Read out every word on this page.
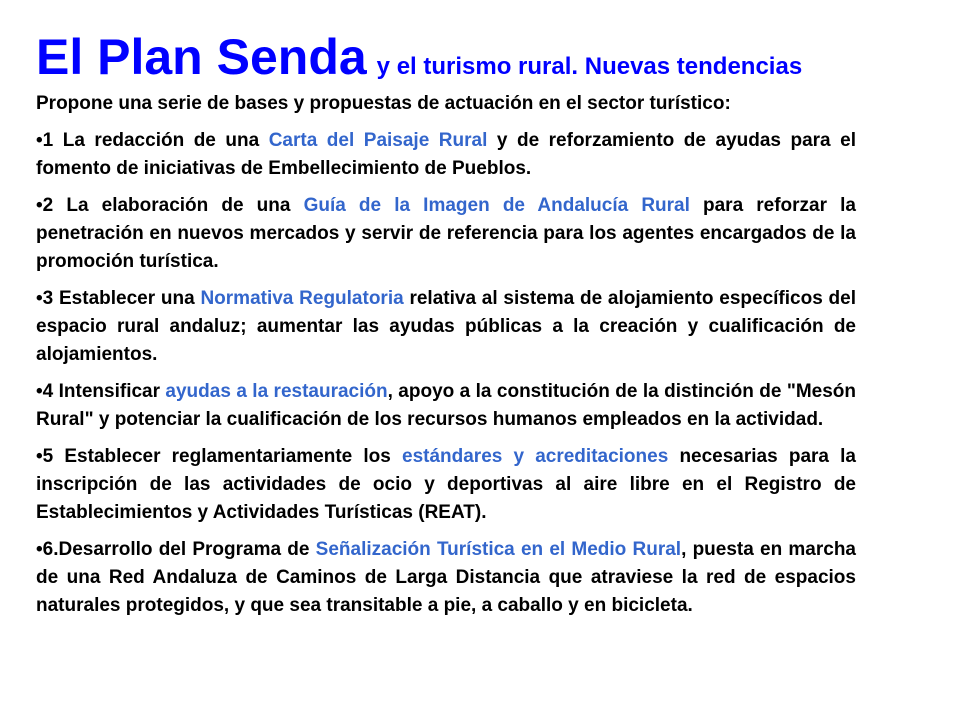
El Plan Senda y el turismo rural. Nuevas tendencias

Propone una serie de bases y propuestas de actuación en el sector turístico:

•1 La redacción de una Carta del Paisaje Rural y de reforzamiento de ayudas para el fomento de iniciativas de Embellecimiento de Pueblos.

•2 La elaboración de una Guía de la Imagen de Andalucía Rural para reforzar la penetración en nuevos mercados y servir de referencia para los agentes encargados de la promoción turística.

•3 Establecer una Normativa Regulatoria relativa al sistema de alojamiento específicos del espacio rural andaluz; aumentar las ayudas públicas a la creación y cualificación de alojamientos.

•4 Intensificar ayudas a la restauración, apoyo a la constitución de la distinción de "Mesón Rural" y potenciar la cualificación de los recursos humanos empleados en la actividad.

•5 Establecer reglamentariamente los estándares y acreditaciones necesarias para la inscripción de las actividades de ocio y deportivas al aire libre en el Registro de Establecimientos y Actividades Turísticas (REAT).

•6.Desarrollo del Programa de Señalización Turística en el Medio Rural, puesta en marcha de una Red Andaluza de Caminos de Larga Distancia que atraviese la red de espacios naturales protegidos, y que sea transitable a pie, a caballo y en bicicleta.
